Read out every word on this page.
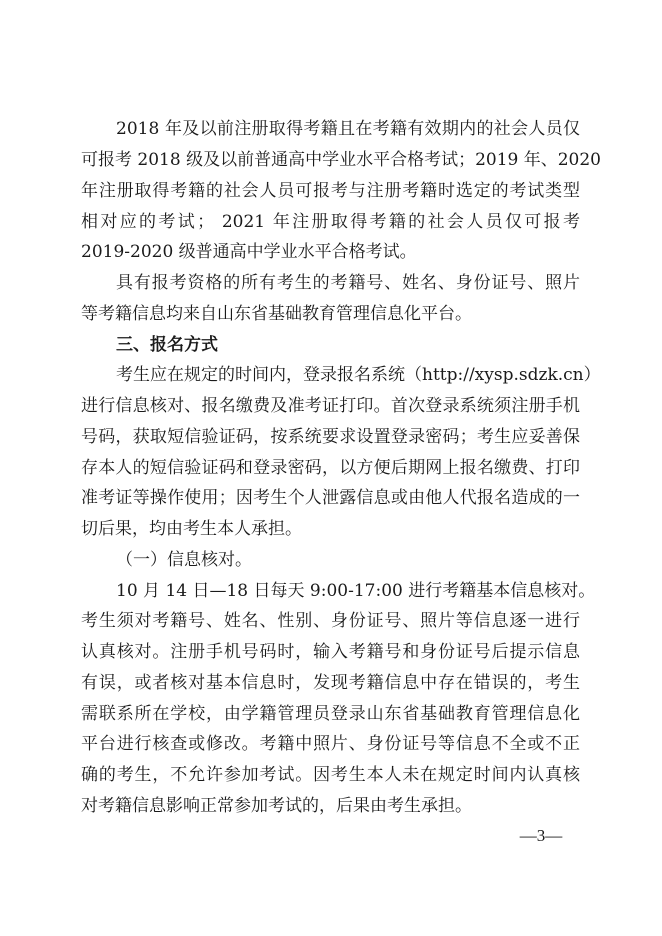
2018 年及以前注册取得考籍且在考籍有效期内的社会人员仅
可报考 2018 级及以前普通高中学业水平合格考试；2019 年、2020
年注册取得考籍的社会人员可报考与注册考籍时选定的考试类型
相对应的考试； 2021 年注册取得考籍的社会人员仅可报考
2019-2020 级普通高中学业水平合格考试。
具有报考资格的所有考生的考籍号、姓名、身份证号、照片
等考籍信息均来自山东省基础教育管理信息化平台。
三、报名方式
考生应在规定的时间内，登录报名系统（http://xysp.sdzk.cn）
进行信息核对、报名缴费及准考证打印。首次登录系统须注册手机
号码，获取短信验证码，按系统要求设置登录密码；考生应妥善保
存本人的短信验证码和登录密码，以方便后期网上报名缴费、打印
准考证等操作使用；因考生个人泄露信息或由他人代报名造成的一
切后果，均由考生本人承担。
（一）信息核对。
10 月 14 日—18 日每天 9:00-17:00 进行考籍基本信息核对。
考生须对考籍号、姓名、性别、身份证号、照片等信息逐一进行
认真核对。注册手机号码时，输入考籍号和身份证号后提示信息
有误，或者核对基本信息时，发现考籍信息中存在错误的，考生
需联系所在学校，由学籍管理员登录山东省基础教育管理信息化
平台进行核查或修改。考籍中照片、身份证号等信息不全或不正
确的考生，不允许参加考试。因考生本人未在规定时间内认真核
对考籍信息影响正常参加考试的，后果由考生承担。
—3—
